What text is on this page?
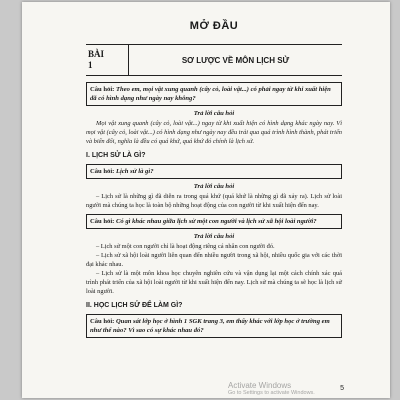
MỞ ĐẦU
BÀI
1	SƠ LƯỢC VỀ MÔN LỊCH SỬ
Câu hỏi: Theo em, mọi vật xung quanh (cây cỏ, loài vật...) có phải ngay từ khi xuất hiện đã có hình dạng như ngày nay không?
Trả lời câu hỏi

Mọi vật xung quanh (cây cỏ, loài vật...) ngay từ khi xuất hiện có hình dạng khác ngày nay. Vì mọi vật (cây cỏ, loài vật...) có hình dạng như ngày nay đều trải qua quá trình hình thành, phát triển và biến đổi, nghĩa là đều có quá khứ, quá khứ đó chính là lịch sử.

I. LỊCH SỬ LÀ GÌ?
Câu hỏi: Lịch sử là gì?
Trả lời câu hỏi

– Lịch sử là những gì đã diễn ra trong quá khứ (quá khứ là những gì đã xảy ra). Lịch sử loài người mà chúng ta học là toàn bộ những hoạt động của con người từ khi xuất hiện đến nay.

Câu hỏi: Có gì khác nhau giữa lịch sử một con người và lịch sử xã hội loài người?
Trả lời câu hỏi

– Lịch sử một con người chỉ là hoạt động riêng cá nhân con người đó.

– Lịch sử xã hội loài người liên quan đến nhiều người trong xã hội, nhiều quốc gia với các thời đại khác nhau.

– Lịch sử là một môn khoa học chuyên nghiên cứu và vận dụng lại một cách chính xác quá trình phát triển của xã hội loài người từ khi xuất hiện đến nay. Lịch sử mà chúng ta sẽ học là lịch sử loài người.

II. HỌC LỊCH SỬ ĐỂ LÀM GÌ?
Câu hỏi: Quan sát lớp học ở hình 1 SGK trang 3, em thấy khác với lớp học ở trường em như thế nào? Vì sao có sự khác nhau đó?
5
Activate Windows
Go to Settings to activate Windows.
